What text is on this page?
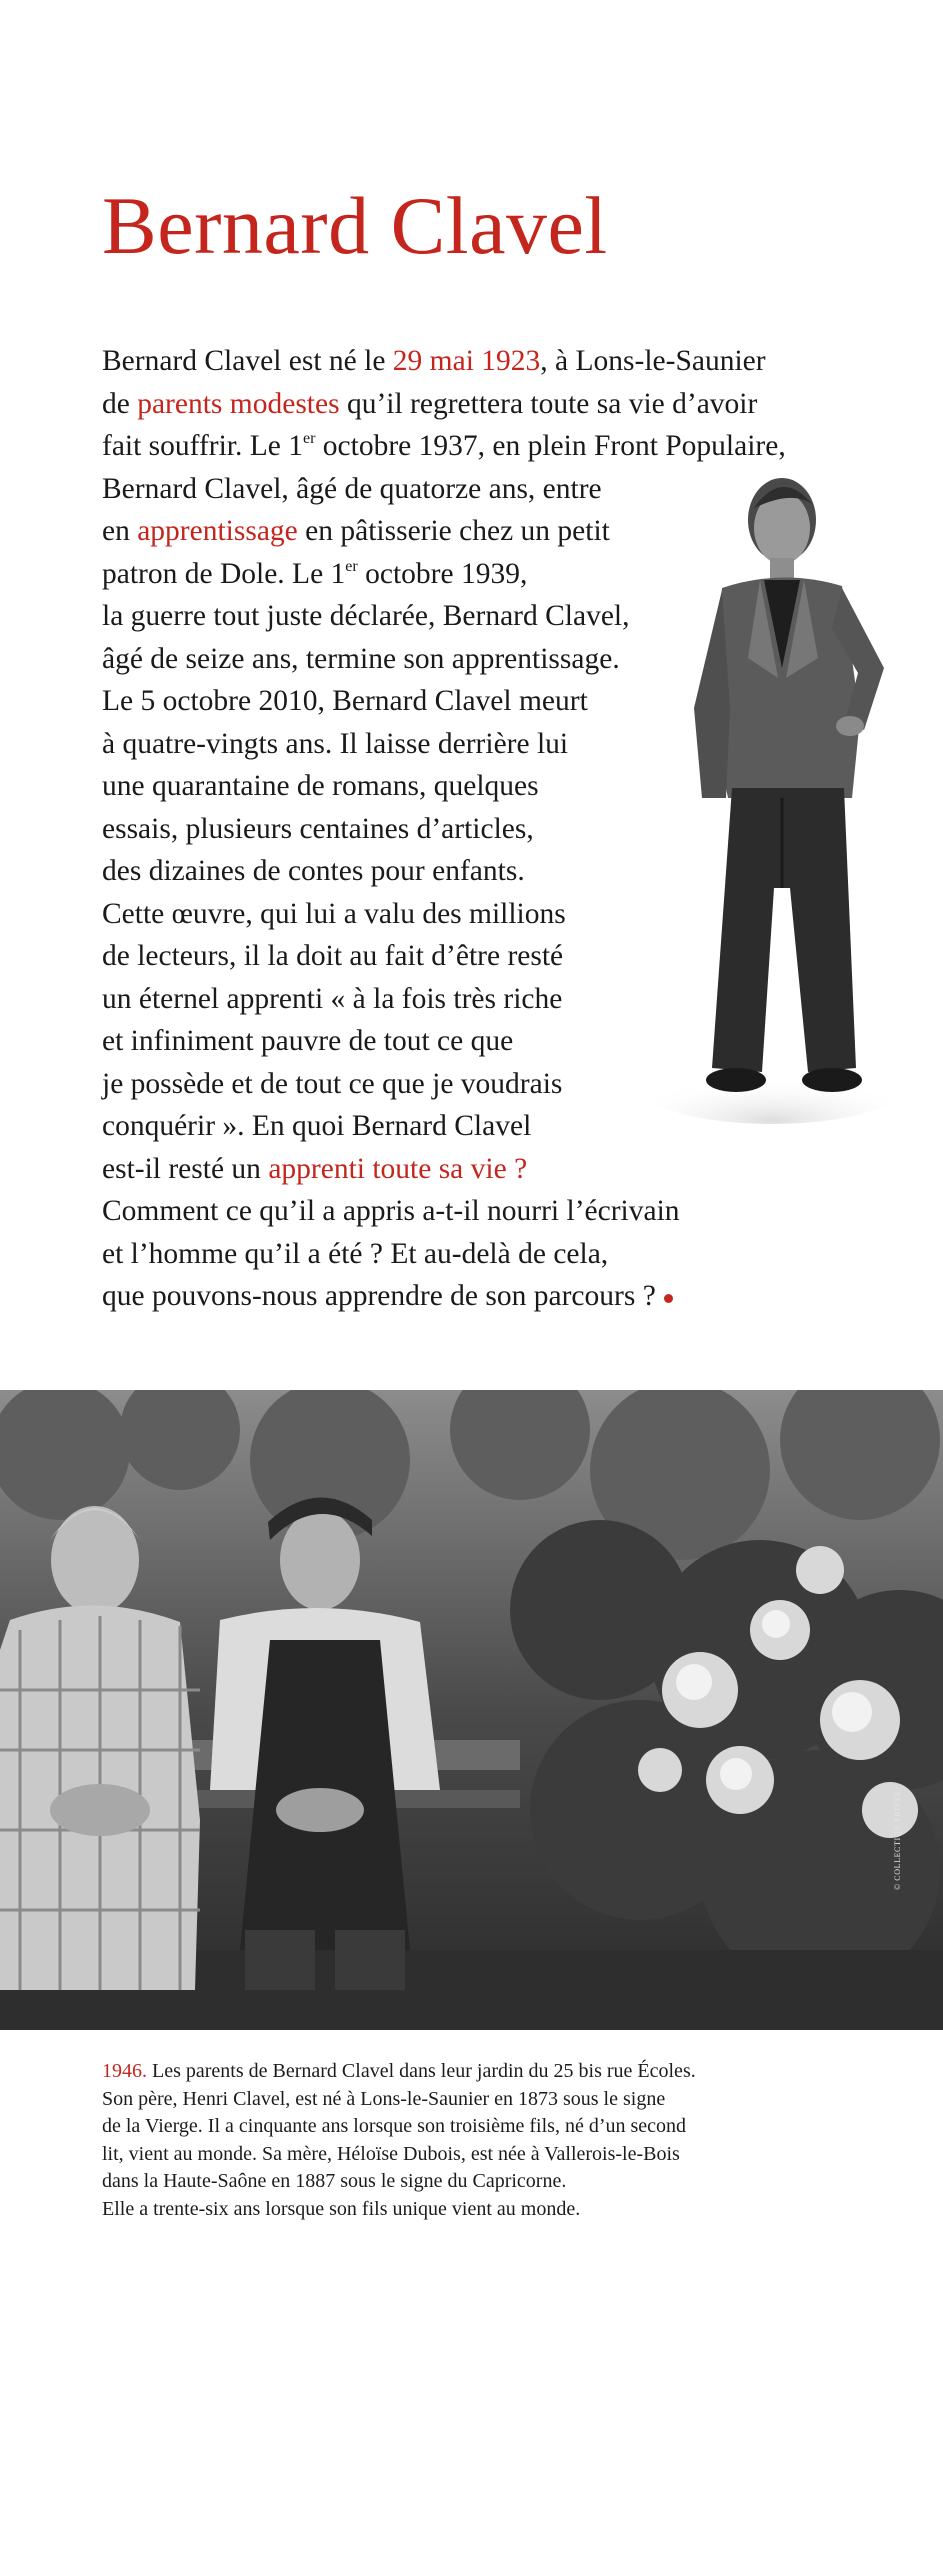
Bernard Clavel
Bernard Clavel est né le 29 mai 1923, à Lons-le-Saunier
de parents modestes qu’il regrettera toute sa vie d’avoir
fait souffrir. Le 1er octobre 1937, en plein Front Populaire,
Bernard Clavel, âgé de quatorze ans, entre
en apprentissage en pâtisserie chez un petit
patron de Dole. Le 1er octobre 1939,
la guerre tout juste déclarée, Bernard Clavel,
âgé de seize ans, termine son apprentissage.
Le 5 octobre 2010, Bernard Clavel meurt
à quatre-vingts ans. Il laisse derrière lui
une quarantaine de romans, quelques
essais, plusieurs centaines d’articles,
des dizaines de contes pour enfants.
Cette œuvre, qui lui a valu des millions
de lecteurs, il la doit au fait d’être resté
un éternel apprenti « à la fois très riche
et infiniment pauvre de tout ce que
je possède et de tout ce que je voudrais
conquérir ». En quoi Bernard Clavel
est-il resté un apprenti toute sa vie ?
Comment ce qu’il a appris a-t-il nourri l’écrivain
et l’homme qu’il a été ? Et au-delà de cela,
que pouvons-nous apprendre de son parcours ?
© COLLECTION PRIVÉE
1946. Les parents de Bernard Clavel dans leur jardin du 25 bis rue Écoles.
Son père, Henri Clavel, est né à Lons-le-Saunier en 1873 sous le signe
de la Vierge. Il a cinquante ans lorsque son troisième fils, né d’un second
lit, vient au monde. Sa mère, Héloïse Dubois, est née à Vallerois-le-Bois
dans la Haute-Saône en 1887 sous le signe du Capricorne.
Elle a trente-six ans lorsque son fils unique vient au monde.
